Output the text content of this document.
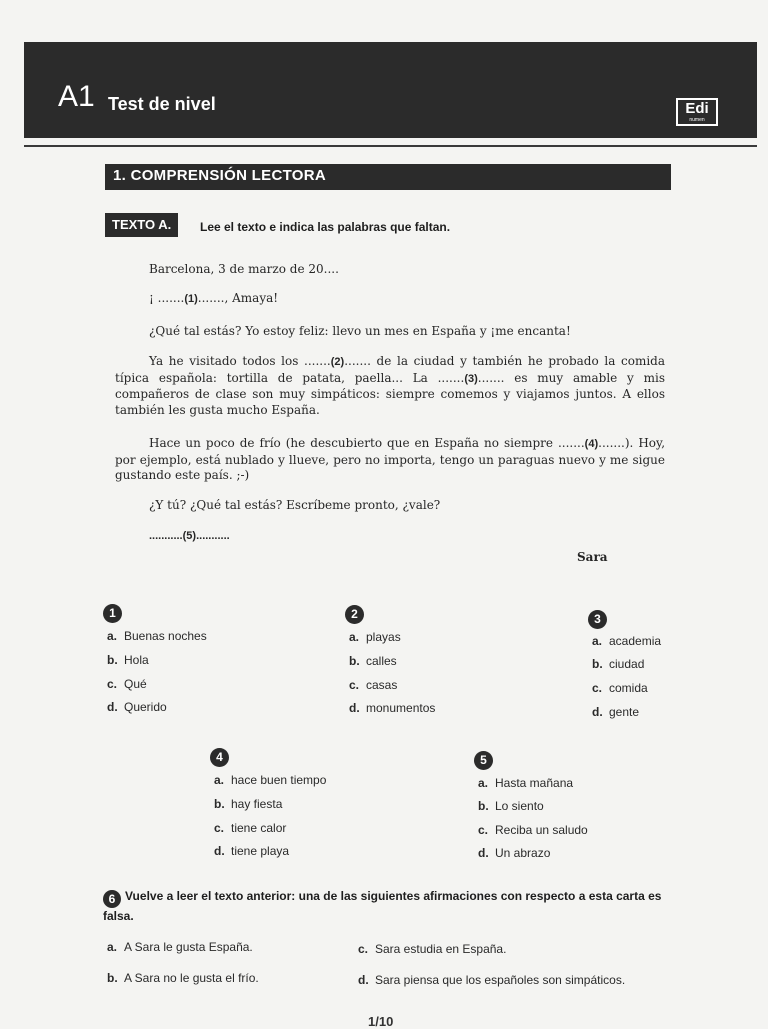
A1 Test de nivel	Edi
numen
1. COMPRENSIÓN LECTORA
TEXTO A.	Lee el texto e indica las palabras que faltan.

Barcelona, 3 de marzo de 20....

¡ .......(1)......., Amaya!

¿Qué tal estás? Yo estoy feliz: llevo un mes en España y ¡me encanta!

Ya he visitado todos los .......(2)....... de la ciudad y también he probado la comida típica española: tortilla de patata, paella... La .......(3)....... es muy amable y mis compañeros de clase son muy simpáticos: siempre comemos y viajamos juntos. A ellos también les gusta mucho España.

Hace un poco de frío (he descubierto que en España no siempre .......(4).......). Hoy, por ejemplo, está nublado y llueve, pero no importa, tengo un paraguas nuevo y me sigue gustando este país. ;-)

¿Y tú? ¿Qué tal estás? Escríbeme pronto, ¿vale?

...........(5)...........

Sara

1
a. Buenas noches
b. Hola
c. Qué
d. Querido
2
a. playas
b. calles
c. casas
d. monumentos
3
a. academia
b. ciudad
c. comida
d. gente
4
a. hace buen tiempo
b. hay fiesta
c. tiene calor
d. tiene playa
5
a. Hasta mañana
b. Lo siento
c. Reciba un saludo
d. Un abrazo
6 Vuelve a leer el texto anterior: una de las siguientes afirmaciones con respecto a esta carta es falsa.
a. A Sara le gusta España.
b. A Sara no le gusta el frío.
c. Sara estudia en España.
d. Sara piensa que los españoles son simpáticos.
1/10
